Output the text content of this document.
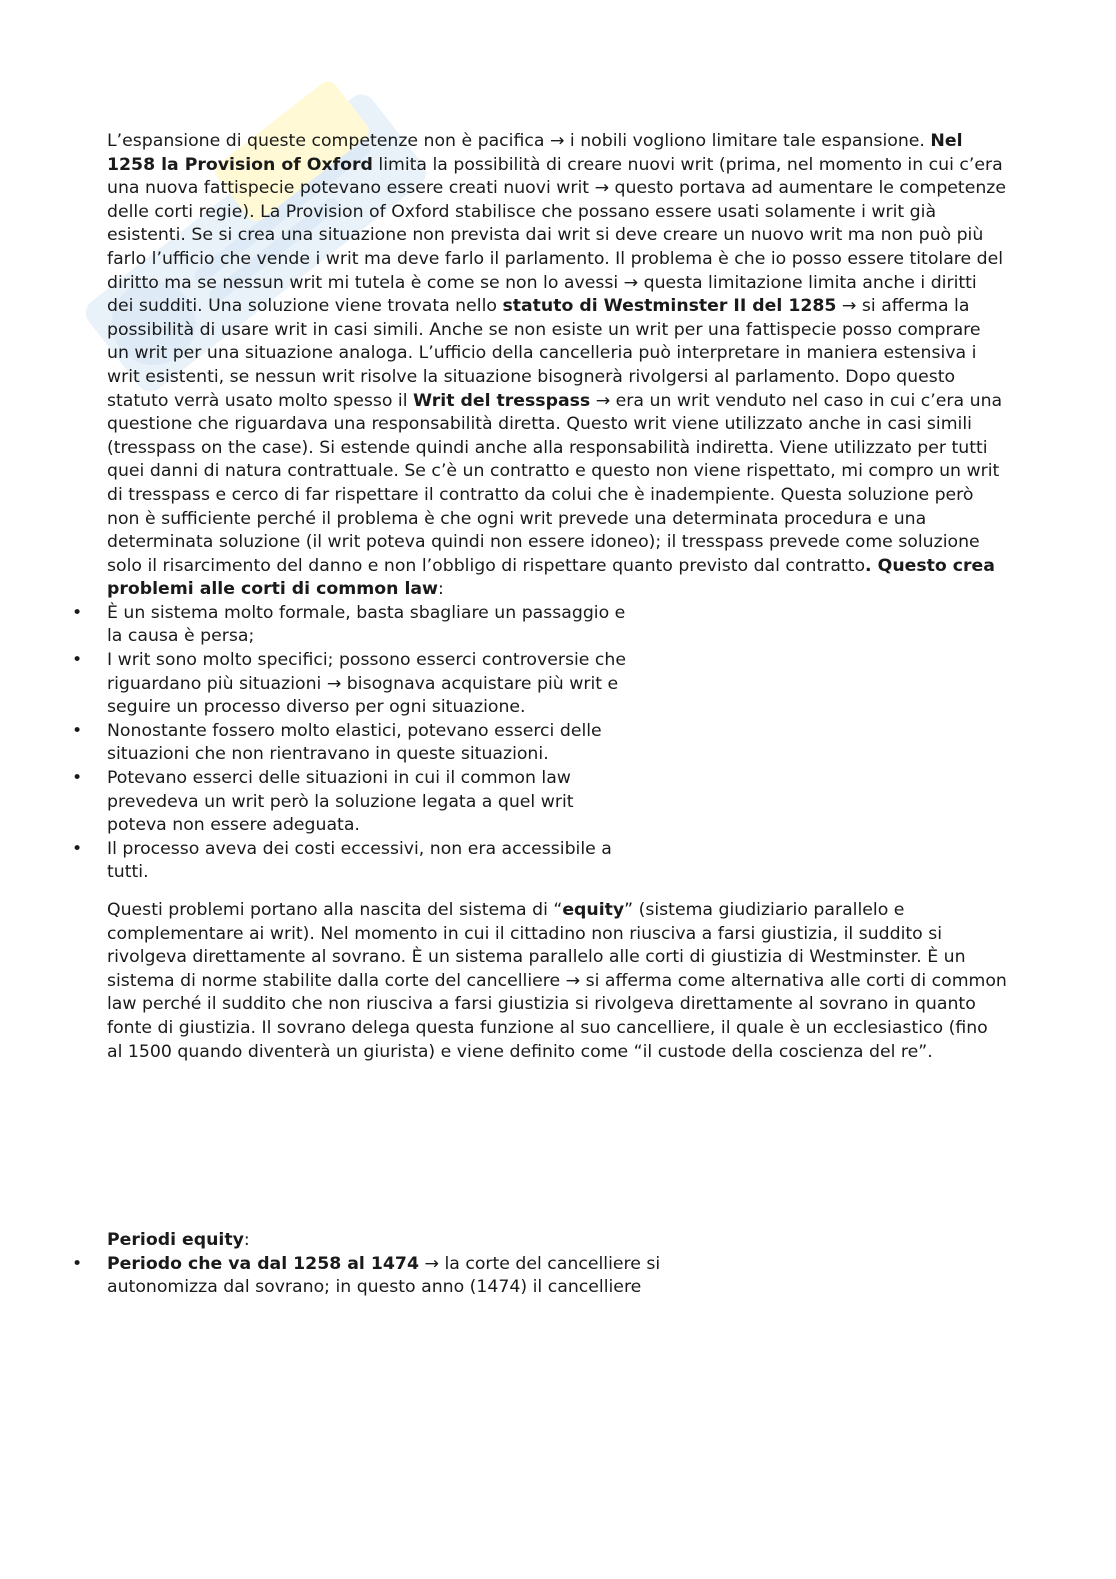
L’espansione di queste competenze non è pacifica → i nobili vogliono limitare tale espansione. Nel 1258 la Provision of Oxford limita la possibilità di creare nuovi writ (prima, nel momento in cui c’era una nuova fattispecie potevano essere creati nuovi writ → questo portava ad aumentare le competenze delle corti regie). La Provision of Oxford stabilisce che possano essere usati solamente i writ già esistenti. Se si crea una situazione non prevista dai writ si deve creare un nuovo writ ma non può più farlo l’ufficio che vende i writ ma deve farlo il parlamento. Il problema è che io posso essere titolare del diritto ma se nessun writ mi tutela è come se non lo avessi → questa limitazione limita anche i diritti dei sudditi. Una soluzione viene trovata nello statuto di Westminster II del 1285 → si afferma la possibilità di usare writ in casi simili. Anche se non esiste un writ per una fattispecie posso comprare un writ per una situazione analoga. L’ufficio della cancelleria può interpretare in maniera estensiva i writ esistenti, se nessun writ risolve la situazione bisognerà rivolgersi al parlamento. Dopo questo statuto verrà usato molto spesso il Writ del tresspass → era un writ venduto nel caso in cui c’era una questione che riguardava una responsabilità diretta. Questo writ viene utilizzato anche in casi simili (tresspass on the case). Si estende quindi anche alla responsabilità indiretta. Viene utilizzato per tutti quei danni di natura contrattuale. Se c’è un contratto e questo non viene rispettato, mi compro un writ di tresspass e cerco di far rispettare il contratto da colui che è inadempiente. Questa soluzione però non è sufficiente perché il problema è che ogni writ prevede una determinata procedura e una determinata soluzione (il writ poteva quindi non essere idoneo); il tresspass prevede come soluzione solo il risarcimento del danno e non l’obbligo di rispettare quanto previsto dal contratto. Questo crea problemi alle corti di common law:

• È un sistema molto formale, basta sbagliare un passaggio e la causa è persa;
• I writ sono molto specifici; possono esserci controversie che riguardano più situazioni → bisognava acquistare più writ e seguire un processo diverso per ogni situazione.
• Nonostante fossero molto elastici, potevano esserci delle situazioni che non rientravano in queste situazioni.
• Potevano esserci delle situazioni in cui il common law prevedeva un writ però la soluzione legata a quel writ poteva non essere adeguata.
• Il processo aveva dei costi eccessivi, non era accessibile a tutti.

Questi problemi portano alla nascita del sistema di “equity” (sistema giudiziario parallelo e complementare ai writ). Nel momento in cui il cittadino non riusciva a farsi giustizia, il suddito si rivolgeva direttamente al sovrano. È un sistema parallelo alle corti di giustizia di Westminster. È un sistema di norme stabilite dalla corte del cancelliere → si afferma come alternativa alle corti di common law perché il suddito che non riusciva a farsi giustizia si rivolgeva direttamente al sovrano in quanto fonte di giustizia. Il sovrano delega questa funzione al suo cancelliere, il quale è un ecclesiastico (fino al 1500 quando diventerà un giurista) e viene definito come “il custode della coscienza del re”.

Periodi equity:

• Periodo che va dal 1258 al 1474 → la corte del cancelliere si autonomizza dal sovrano; in questo anno (1474) il cancelliere
